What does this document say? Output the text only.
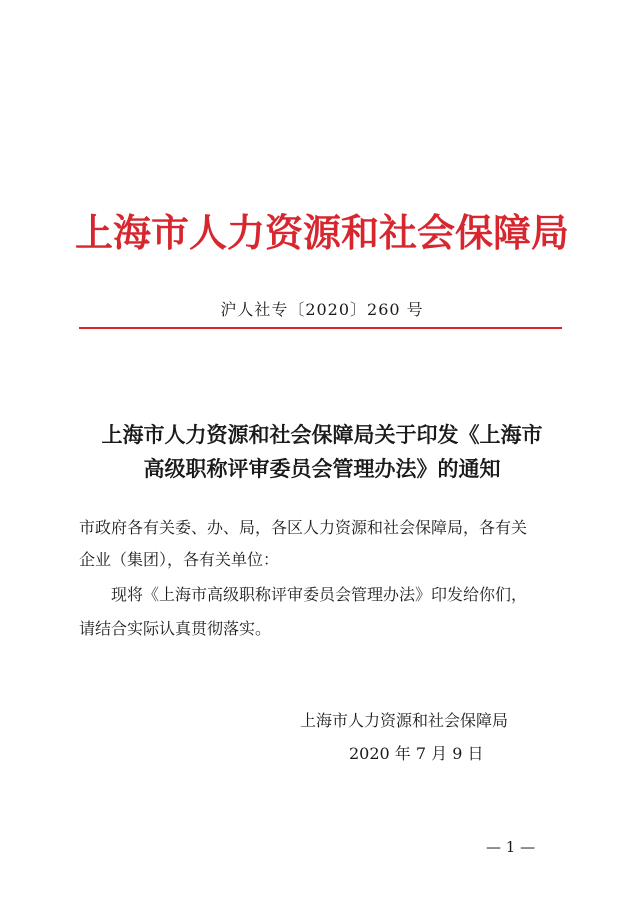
上海市人力资源和社会保障局
沪人社专〔2020〕260 号
上海市人力资源和社会保障局关于印发《上海市
高级职称评审委员会管理办法》的通知
市政府各有关委、办、局，各区人力资源和社会保障局，各有关
企业（集团），各有关单位：
现将《上海市高级职称评审委员会管理办法》印发给你们，
请结合实际认真贯彻落实。
上海市人力资源和社会保障局
2020 年 7 月 9 日
— 1 —
